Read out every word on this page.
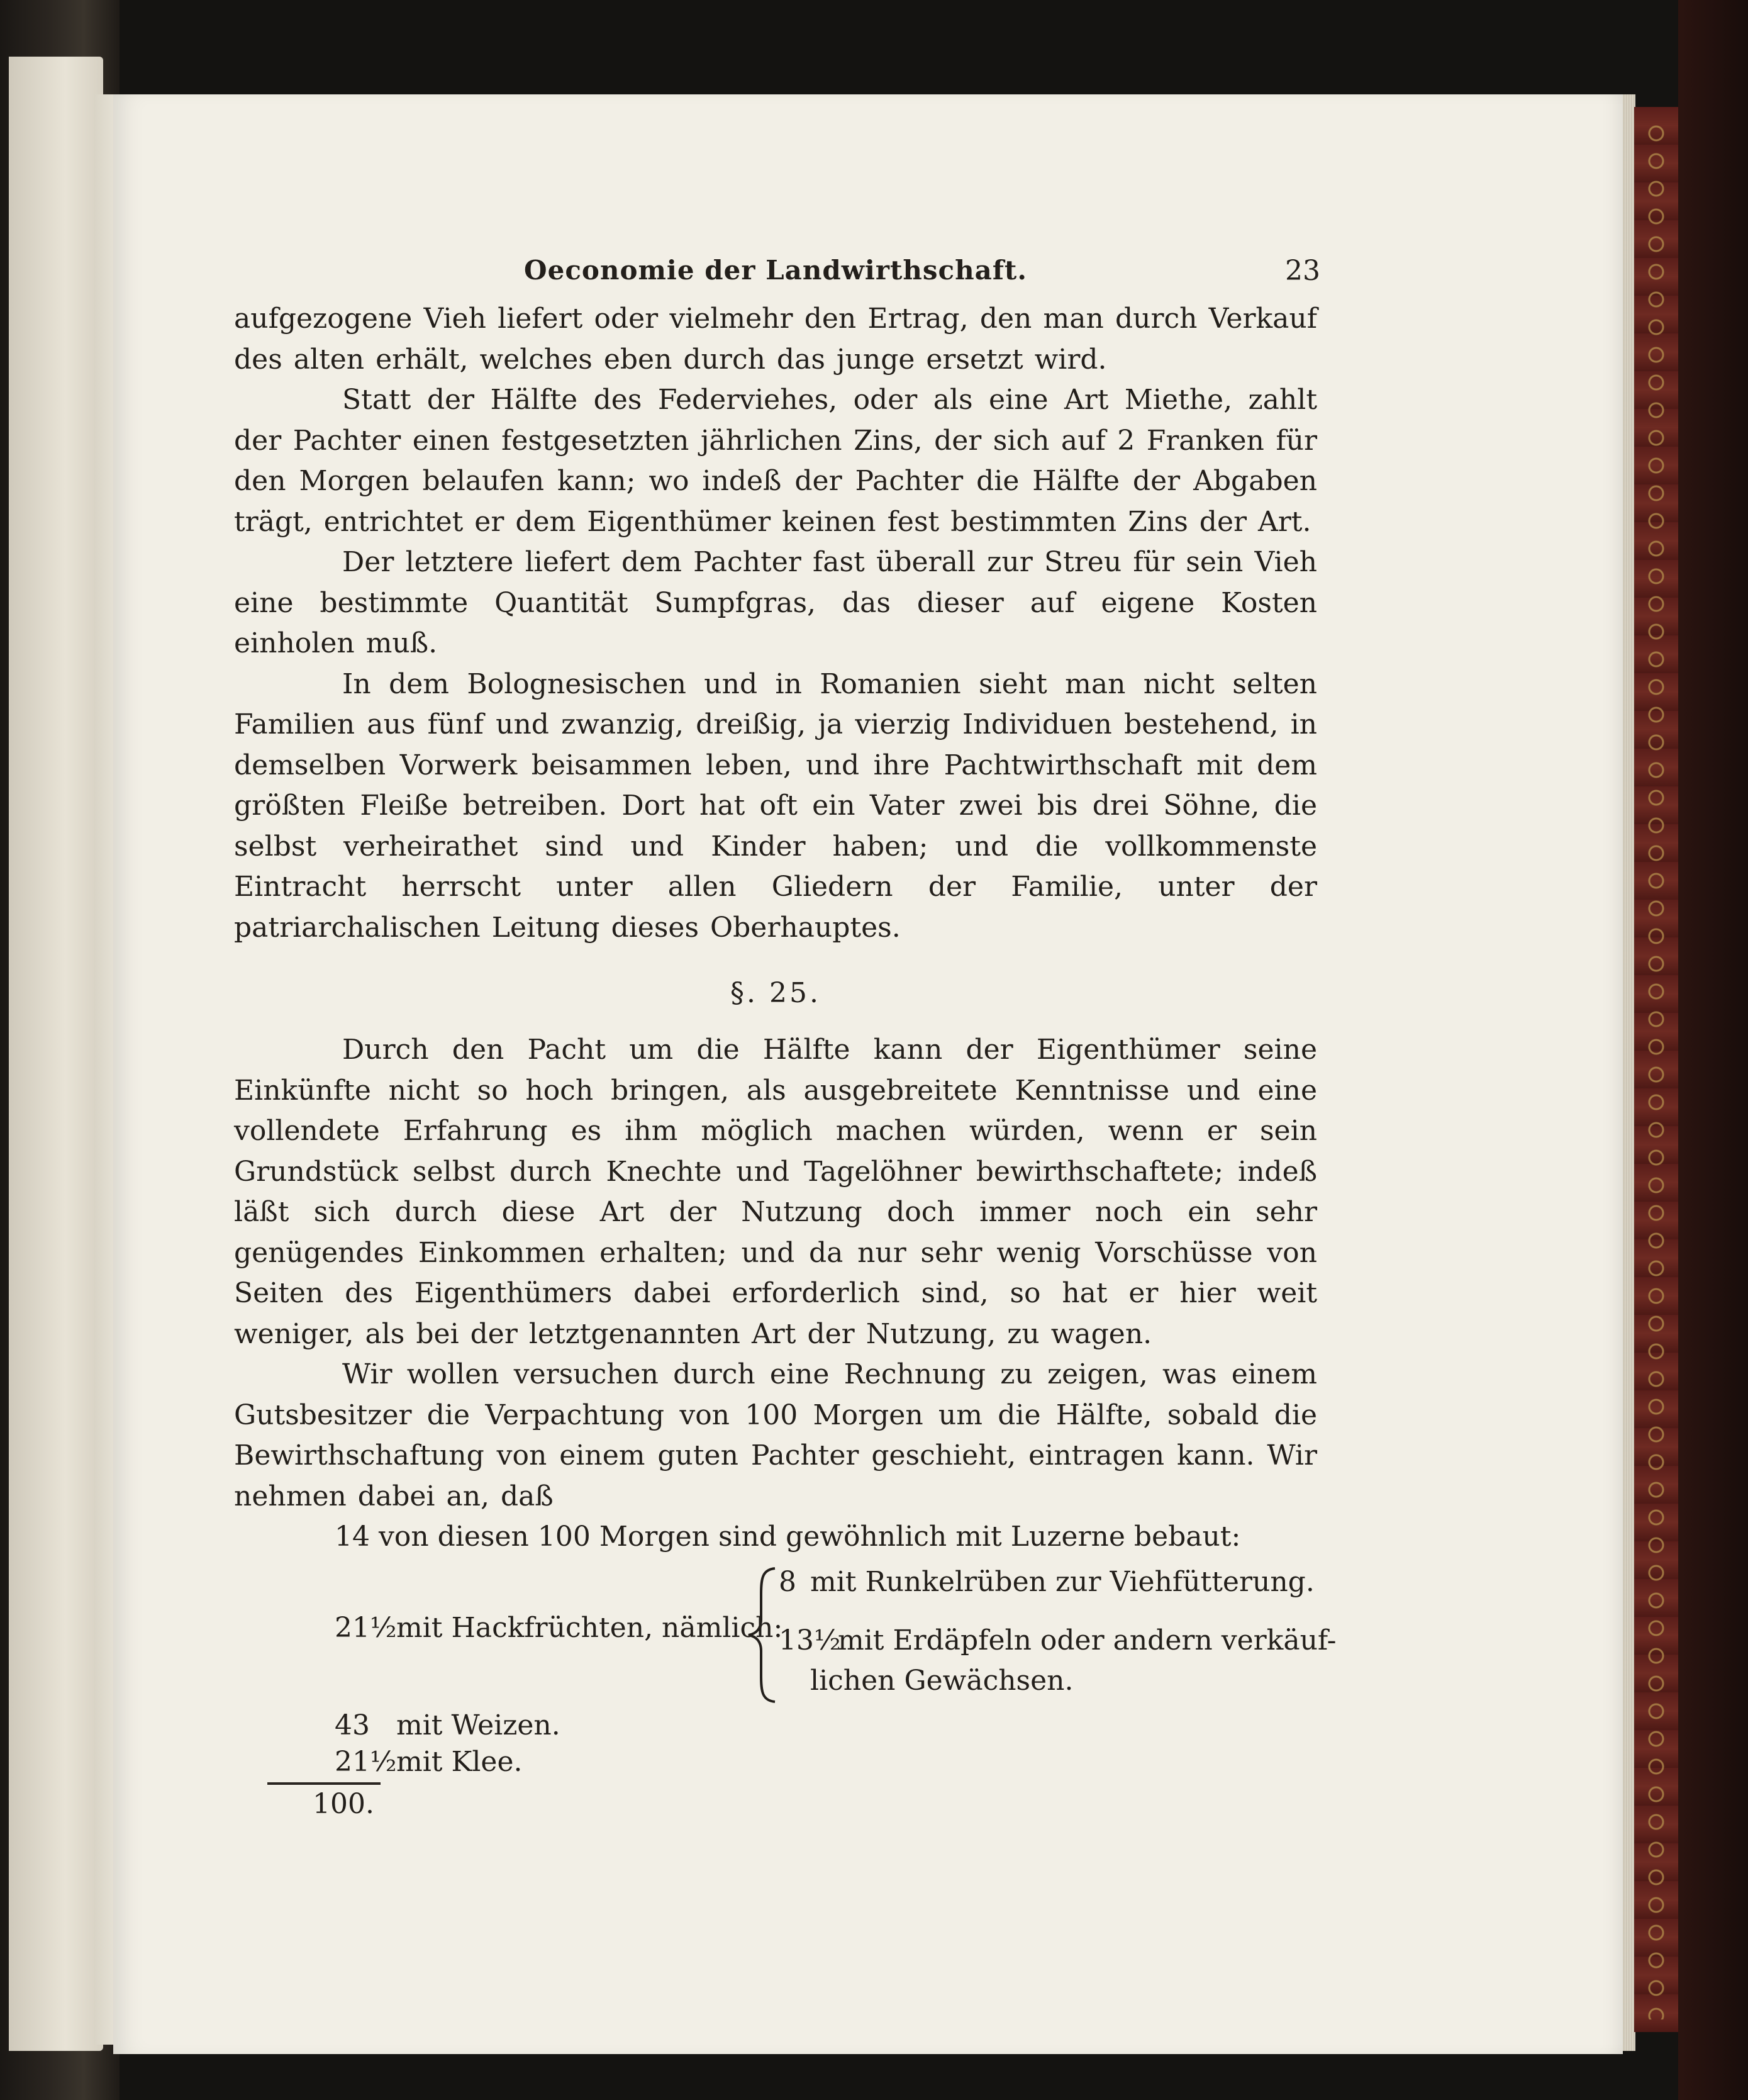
Oeconomie der Landwirthschaft.	23

aufgezogene Vieh liefert oder vielmehr den Ertrag, den man durch Verkauf des alten erhält, welches eben durch das junge ersetzt wird.

Statt der Hälfte des Federviehes, oder als eine Art Miethe, zahlt der Pachter einen festgesetzten jährlichen Zins, der sich auf 2 Franken für den Morgen belaufen kann; wo indeß der Pachter die Hälfte der Abgaben trägt, entrichtet er dem Eigenthümer keinen fest bestimmten Zins der Art.

Der letztere liefert dem Pachter fast überall zur Streu für sein Vieh eine bestimmte Quantität Sumpfgras, das dieser auf eigene Kosten einholen muß.

In dem Bolognesischen und in Romanien sieht man nicht selten Familien aus fünf und zwanzig, dreißig, ja vierzig Individuen bestehend, in demselben Vorwerk beisammen leben, und ihre Pachtwirthschaft mit dem größten Fleiße betreiben. Dort hat oft ein Vater zwei bis drei Söhne, die selbst verheirathet sind und Kinder haben; und die vollkommenste Eintracht herrscht unter allen Gliedern der Familie, unter der patriarchalischen Leitung dieses Oberhauptes.

§. 25.

Durch den Pacht um die Hälfte kann der Eigenthümer seine Einkünfte nicht so hoch bringen, als ausgebreitete Kenntnisse und eine vollendete Erfahrung es ihm möglich machen würden, wenn er sein Grundstück selbst durch Knechte und Tagelöhner bewirthschaftete; indeß läßt sich durch diese Art der Nutzung doch immer noch ein sehr genügendes Einkommen erhalten; und da nur sehr wenig Vorschüsse von Seiten des Eigenthümers dabei erforderlich sind, so hat er hier weit weniger, als bei der letztgenannten Art der Nutzung, zu wagen.

Wir wollen versuchen durch eine Rechnung zu zeigen, was einem Gutsbesitzer die Verpachtung von 100 Morgen um die Hälfte, sobald die Bewirthschaftung von einem guten Pachter geschieht, eintragen kann. Wir nehmen dabei an, daß

14 von diesen 100 Morgen sind gewöhnlich mit Luzerne bebaut:
21½ mit Hackfrüchten, nämlich:
8 mit Runkelrüben zur Viehfütterung.
13½
mit Erdäpfeln oder andern verkäuf-
lichen Gewächsen.
43 mit Weizen.
21½ mit Klee.
100.
